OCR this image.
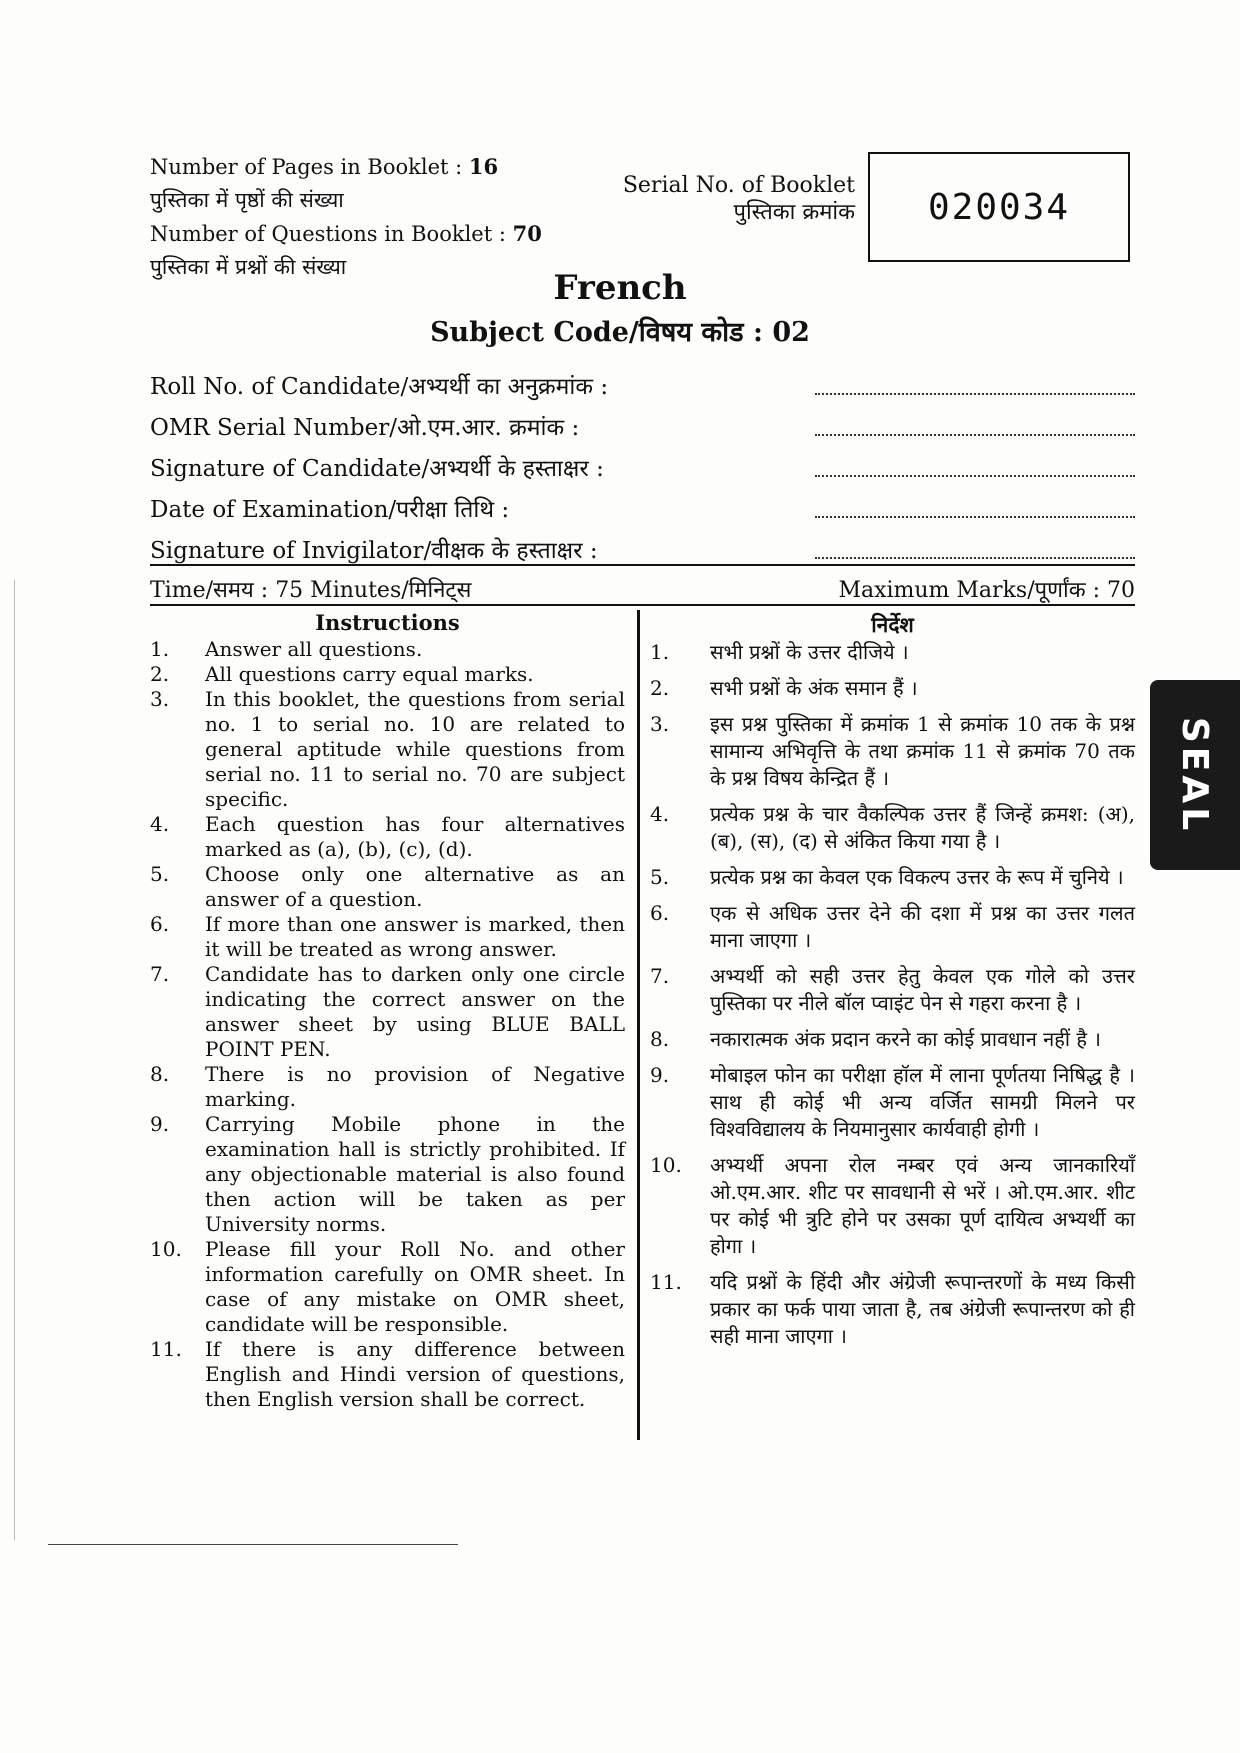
Number of Pages in Booklet : 16
पुस्तिका में पृष्ठों की संख्या
Number of Questions in Booklet : 70
पुस्तिका में प्रश्नों की संख्या
Serial No. of Booklet
पुस्तिका क्रमांक	020034
French
Subject Code/विषय कोड : 02
Roll No. of Candidate/अभ्यर्थी का अनुक्रमांक :
OMR Serial Number/ओ.एम.आर. क्रमांक :
Signature of Candidate/अभ्यर्थी के हस्ताक्षर :
Date of Examination/परीक्षा तिथि :
Signature of Invigilator/वीक्षक के हस्ताक्षर :
Time/समय : 75 Minutes/मिनिट्स	Maximum Marks/पूर्णांक : 70
Instructions
1.	Answer all questions.
2.	All questions carry equal marks.
3.	In this booklet, the questions from serial no. 1 to serial no. 10 are related to general aptitude while questions from serial no. 11 to serial no. 70 are subject specific.
4.	Each question has four alternatives marked as (a), (b), (c), (d).
5.	Choose only one alternative as an answer of a question.
6.	If more than one answer is marked, then it will be treated as wrong answer.
7.	Candidate has to darken only one circle indicating the correct answer on the answer sheet by using BLUE BALL POINT PEN.
8.	There is no provision of Negative marking.
9.	Carrying Mobile phone in the examination hall is strictly prohibited. If any objectionable material is also found then action will be taken as per University norms.
10.	Please fill your Roll No. and other information carefully on OMR sheet. In case of any mistake on OMR sheet, candidate will be responsible.
11.	If there is any difference between English and Hindi version of questions, then English version shall be correct.
निर्देश
1.	सभी प्रश्नों के उत्तर दीजिये ।
2.	सभी प्रश्नों के अंक समान हैं ।
3.	इस प्रश्न पुस्तिका में क्रमांक 1 से क्रमांक 10 तक के प्रश्न सामान्य अभिवृत्ति के तथा क्रमांक 11 से क्रमांक 70 तक के प्रश्न विषय केन्द्रित हैं ।
4.	प्रत्येक प्रश्न के चार वैकल्पिक उत्तर हैं जिन्हें क्रमश: (अ), (ब), (स), (द) से अंकित किया गया है ।
5.	प्रत्येक प्रश्न का केवल एक विकल्प उत्तर के रूप में चुनिये ।
6.	एक से अधिक उत्तर देने की दशा में प्रश्न का उत्तर गलत माना जाएगा ।
7.	अभ्यर्थी को सही उत्तर हेतु केवल एक गोले को उत्तर पुस्तिका पर नीले बॉल प्वाइंट पेन से गहरा करना है ।
8.	नकारात्मक अंक प्रदान करने का कोई प्रावधान नहीं है ।
9.	मोबाइल फोन का परीक्षा हॉल में लाना पूर्णतया निषिद्ध है । साथ ही कोई भी अन्य वर्जित सामग्री मिलने पर विश्वविद्यालय के नियमानुसार कार्यवाही होगी ।
10.	अभ्यर्थी अपना रोल नम्बर एवं अन्य जानकारियाँ ओ.एम.आर. शीट पर सावधानी से भरें । ओ.एम.आर. शीट पर कोई भी त्रुटि होने पर उसका पूर्ण दायित्व अभ्यर्थी का होगा ।
11.	यदि प्रश्नों के हिंदी और अंग्रेजी रूपान्तरणों के मध्य किसी प्रकार का फर्क पाया जाता है, तब अंग्रेजी रूपान्तरण को ही सही माना जाएगा ।
SEAL
